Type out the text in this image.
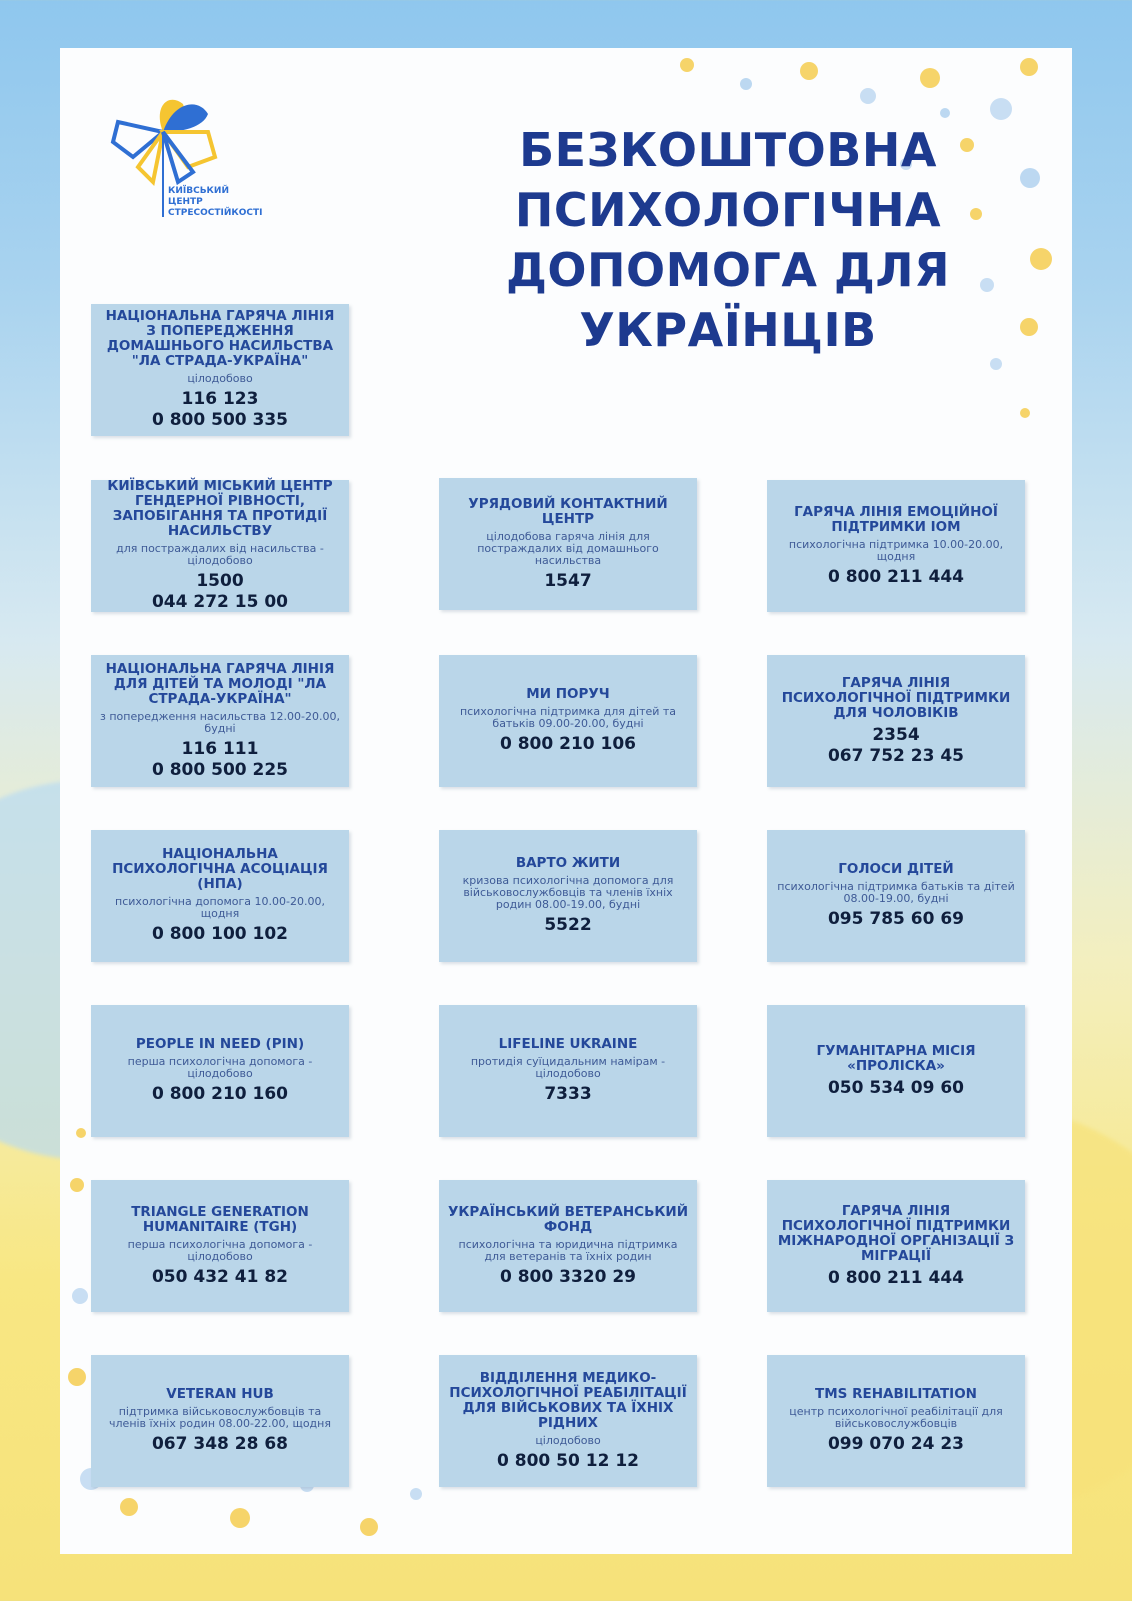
КИЇВСЬКИЙ
ЦЕНТР
СТРЕСОСТІЙКОСТІ
БЕЗКОШТОВНА
ПСИХОЛОГІЧНА
ДОПОМОГА ДЛЯ
УКРАЇНЦІВ
НАЦІОНАЛЬНА ГАРЯЧА ЛІНІЯ З ПОПЕРЕДЖЕННЯ ДОМАШНЬОГО НАСИЛЬСТВА "ЛА СТРАДА-УКРАЇНА"
цілодобово
116 123
0 800 500 335
КИЇВСЬКИЙ МІСЬКИЙ ЦЕНТР ГЕНДЕРНОЇ РІВНОСТІ, ЗАПОБІГАННЯ ТА ПРОТИДІЇ НАСИЛЬСТВУ
для постраждалих від насильства - цілодобово
1500
044 272 15 00
УРЯДОВИЙ КОНТАКТНИЙ ЦЕНТР
цілодобова гаряча лінія для постраждалих від домашнього насильства
1547
ГАРЯЧА ЛІНІЯ ЕМОЦІЙНОЇ ПІДТРИМКИ ІОМ
психологічна підтримка 10.00-20.00, щодня
0 800 211 444
НАЦІОНАЛЬНА ГАРЯЧА ЛІНІЯ ДЛЯ ДІТЕЙ ТА МОЛОДІ "ЛА СТРАДА-УКРАЇНА"
з попередження насильства 12.00-20.00, будні
116 111
0 800 500 225
МИ ПОРУЧ
психологічна підтримка для дітей та батьків 09.00-20.00, будні
0 800 210 106
ГАРЯЧА ЛІНІЯ ПСИХОЛОГІЧНОЇ ПІДТРИМКИ ДЛЯ ЧОЛОВІКІВ
2354
067 752 23 45
НАЦІОНАЛЬНА ПСИХОЛОГІЧНА АСОЦІАЦІЯ (НПА)
психологічна допомога 10.00-20.00, щодня
0 800 100 102
ВАРТО ЖИТИ
кризова психологічна допомога для військовослужбовців та членів їхніх родин 08.00-19.00, будні
5522
ГОЛОСИ ДІТЕЙ
психологічна підтримка батьків та дітей 08.00-19.00, будні
095 785 60 69
PEOPLE IN NEED (PIN)
перша психологічна допомога - цілодобово
0 800 210 160
LIFELINE UKRAINE
протидія суїцидальним намірам - цілодобово
7333
ГУМАНІТАРНА МІСІЯ «ПРОЛІСКА»
050 534 09 60
TRIANGLE GENERATION HUMANITAIRE (TGH)
перша психологічна допомога - цілодобово
050 432 41 82
УКРАЇНСЬКИЙ ВЕТЕРАНСЬКИЙ ФОНД
психологічна та юридична підтримка для ветеранів та їхніх родин
0 800 3320 29
ГАРЯЧА ЛІНІЯ ПСИХОЛОГІЧНОЇ ПІДТРИМКИ МІЖНАРОДНОЇ ОРГАНІЗАЦІЇ З МІГРАЦІЇ
0 800 211 444
VETERAN HUB
підтримка військовослужбовців та членів їхніх родин 08.00-22.00, щодня
067 348 28 68
ВІДДІЛЕННЯ МЕДИКО-ПСИХОЛОГІЧНОЇ РЕАБІЛІТАЦІЇ ДЛЯ ВІЙСЬКОВИХ ТА ЇХНІХ РІДНИХ
цілодобово
0 800 50 12 12
TMS REHABILITATION
центр психологічної реабілітації для військовослужбовців
099 070 24 23
